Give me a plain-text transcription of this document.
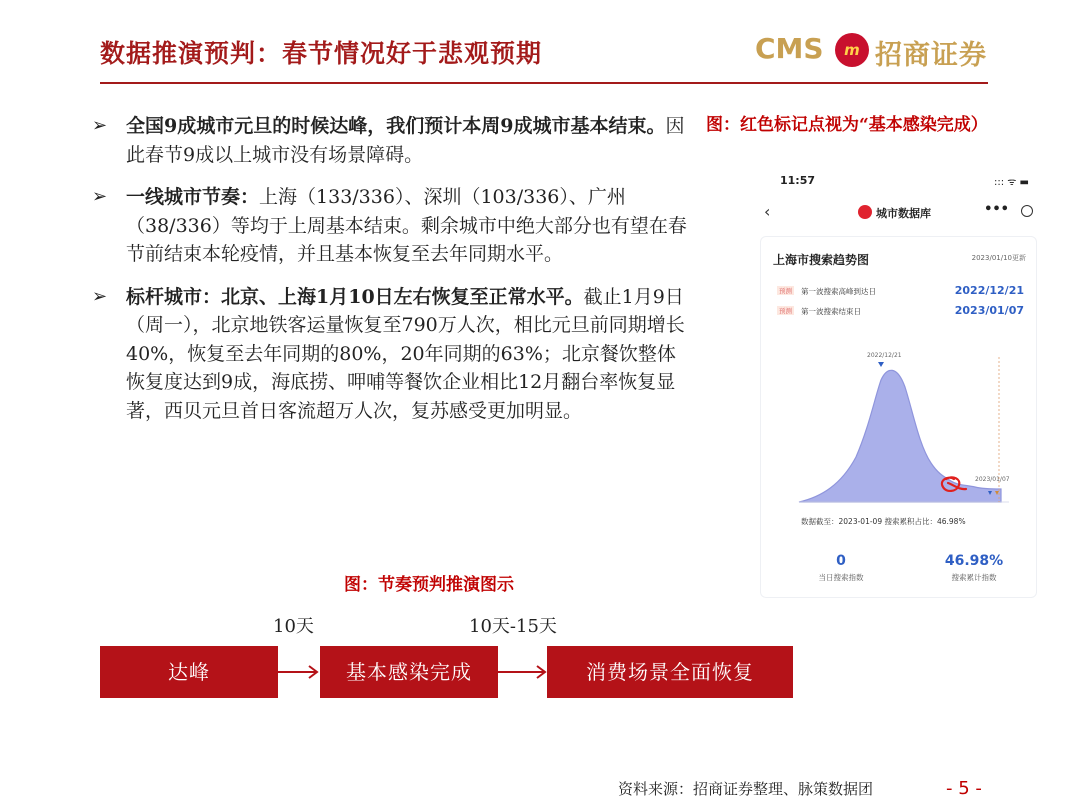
数据推演预判：春节情况好于悲观预期	CMS	m 招商证券
➢ 全国9成城市元旦的时候达峰，我们预计本周9成城市基本结束。因此春节9成以上城市没有场景障碍。
➢ 一线城市节奏：上海（133/336）、深圳（103/336）、广州（38/336）等均于上周基本结束。剩余城市中绝大部分也有望在春节前结束本轮疫情，并且基本恢复至去年同期水平。
➢ 标杆城市：北京、上海1月10日左右恢复至正常水平。截止1月9日（周一），北京地铁客运量恢复至790万人次，相比元旦前同期增长40%，恢复至去年同期的80%，20年同期的63%；北京餐饮整体恢复度达到9成，海底捞、呷哺等餐饮企业相比12月翻台率恢复显著，西贝元旦首日客流超万人次，复苏感受更加明显。
图：红色标记点视为“基本感染完成）
11:57	::: ᯤ ▬
‹	城市数据库	•••
上海市搜索趋势图	2023/01/10更新
预测 第一波搜索高峰到达日	2022/12/21
预测 第一波搜索结束日	2023/01/07
2022/12/21
2023/01/07
数据截至：2023-01-09 搜索累积占比：46.98%
0
当日搜索指数
46.98%
搜索累计指数
图：节奏预判推演图示
10天	10天-15天
达峰	基本感染完成	消费场景全面恢复
资料来源：招商证券整理、脉策数据团	- 5 -
